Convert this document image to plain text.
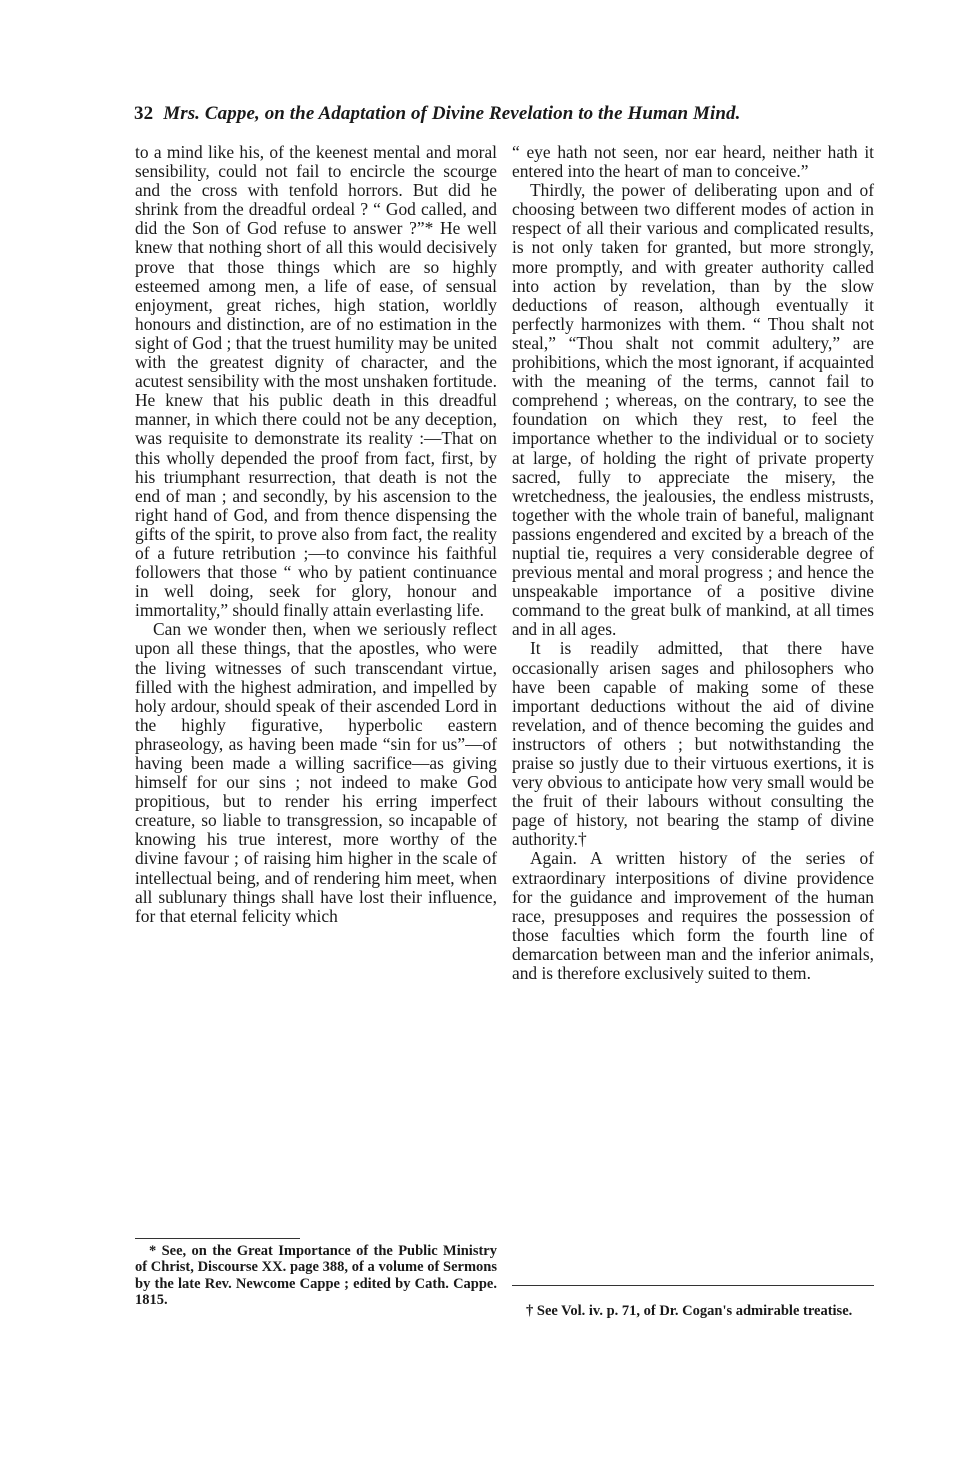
32 Mrs. Cappe, on the Adaptation of Divine Revelation to the Human Mind.

to a mind like his, of the keenest mental and moral sensibility, could not fail to encircle the scourge and the cross with tenfold horrors. But did he shrink from the dreadful ordeal ? “ God called, and did the Son of God refuse to answer ?”* He well knew that nothing short of all this would decisively prove that those things which are so highly esteemed among men, a life of ease, of sensual enjoyment, great riches, high station, worldly honours and distinction, are of no estimation in the sight of God ; that the truest humility may be united with the greatest dignity of character, and the acutest sensibility with the most unshaken fortitude. He knew that his public death in this dreadful manner, in which there could not be any deception, was requisite to demonstrate its reality :—That on this wholly depended the proof from fact, first, by his triumphant resurrection, that death is not the end of man ; and secondly, by his ascension to the right hand of God, and from thence dispensing the gifts of the spirit, to prove also from fact, the reality of a future retribution ;—to convince his faithful followers that those “ who by patient continuance in well doing, seek for glory, honour and immortality,” should finally attain everlasting life.

Can we wonder then, when we seriously reflect upon all these things, that the apostles, who were the living witnesses of such transcendant virtue, filled with the highest admiration, and impelled by holy ardour, should speak of their ascended Lord in the highly figurative, hyperbolic eastern phraseology, as having been made “sin for us”—of having been made a willing sacrifice—as giving himself for our sins ; not indeed to make God propitious, but to render his erring imperfect creature, so liable to transgression, so incapable of knowing his true interest, more worthy of the divine favour ; of raising him higher in the scale of intellectual being, and of rendering him meet, when all sublunary things shall have lost their influence, for that eternal felicity which

“ eye hath not seen, nor ear heard, neither hath it entered into the heart of man to conceive.”

Thirdly, the power of deliberating upon and of choosing between two different modes of action in respect of all their various and complicated results, is not only taken for granted, but more strongly, more promptly, and with greater authority called into action by revelation, than by the slow deductions of reason, although eventually it perfectly harmonizes with them. “ Thou shalt not steal,” “Thou shalt not commit adultery,” are prohibitions, which the most ignorant, if acquainted with the meaning of the terms, cannot fail to comprehend ; whereas, on the contrary, to see the foundation on which they rest, to feel the importance whether to the individual or to society at large, of holding the right of private property sacred, fully to appreciate the misery, the wretchedness, the jealousies, the endless mistrusts, together with the whole train of baneful, malignant passions engendered and excited by a breach of the nuptial tie, requires a very considerable degree of previous mental and moral progress ; and hence the unspeakable importance of a positive divine command to the great bulk of mankind, at all times and in all ages.

It is readily admitted, that there have occasionally arisen sages and philosophers who have been capable of making some of these important deductions without the aid of divine revelation, and of thence becoming the guides and instructors of others ; but notwithstanding the praise so justly due to their virtuous exertions, it is very obvious to anticipate how very small would be the fruit of their labours without consulting the page of history, not bearing the stamp of divine authority.†

Again. A written history of the series of extraordinary interpositions of divine providence for the guidance and improvement of the human race, presupposes and requires the possession of those faculties which form the fourth line of demarcation between man and the inferior animals, and is therefore exclusively suited to them.

* See, on the Great Importance of the Public Ministry of Christ, Discourse XX. page 388, of a volume of Sermons by the late Rev. Newcome Cappe ; edited by Cath. Cappe. 1815.

† See Vol. iv. p. 71, of Dr. Cogan's admirable treatise.
